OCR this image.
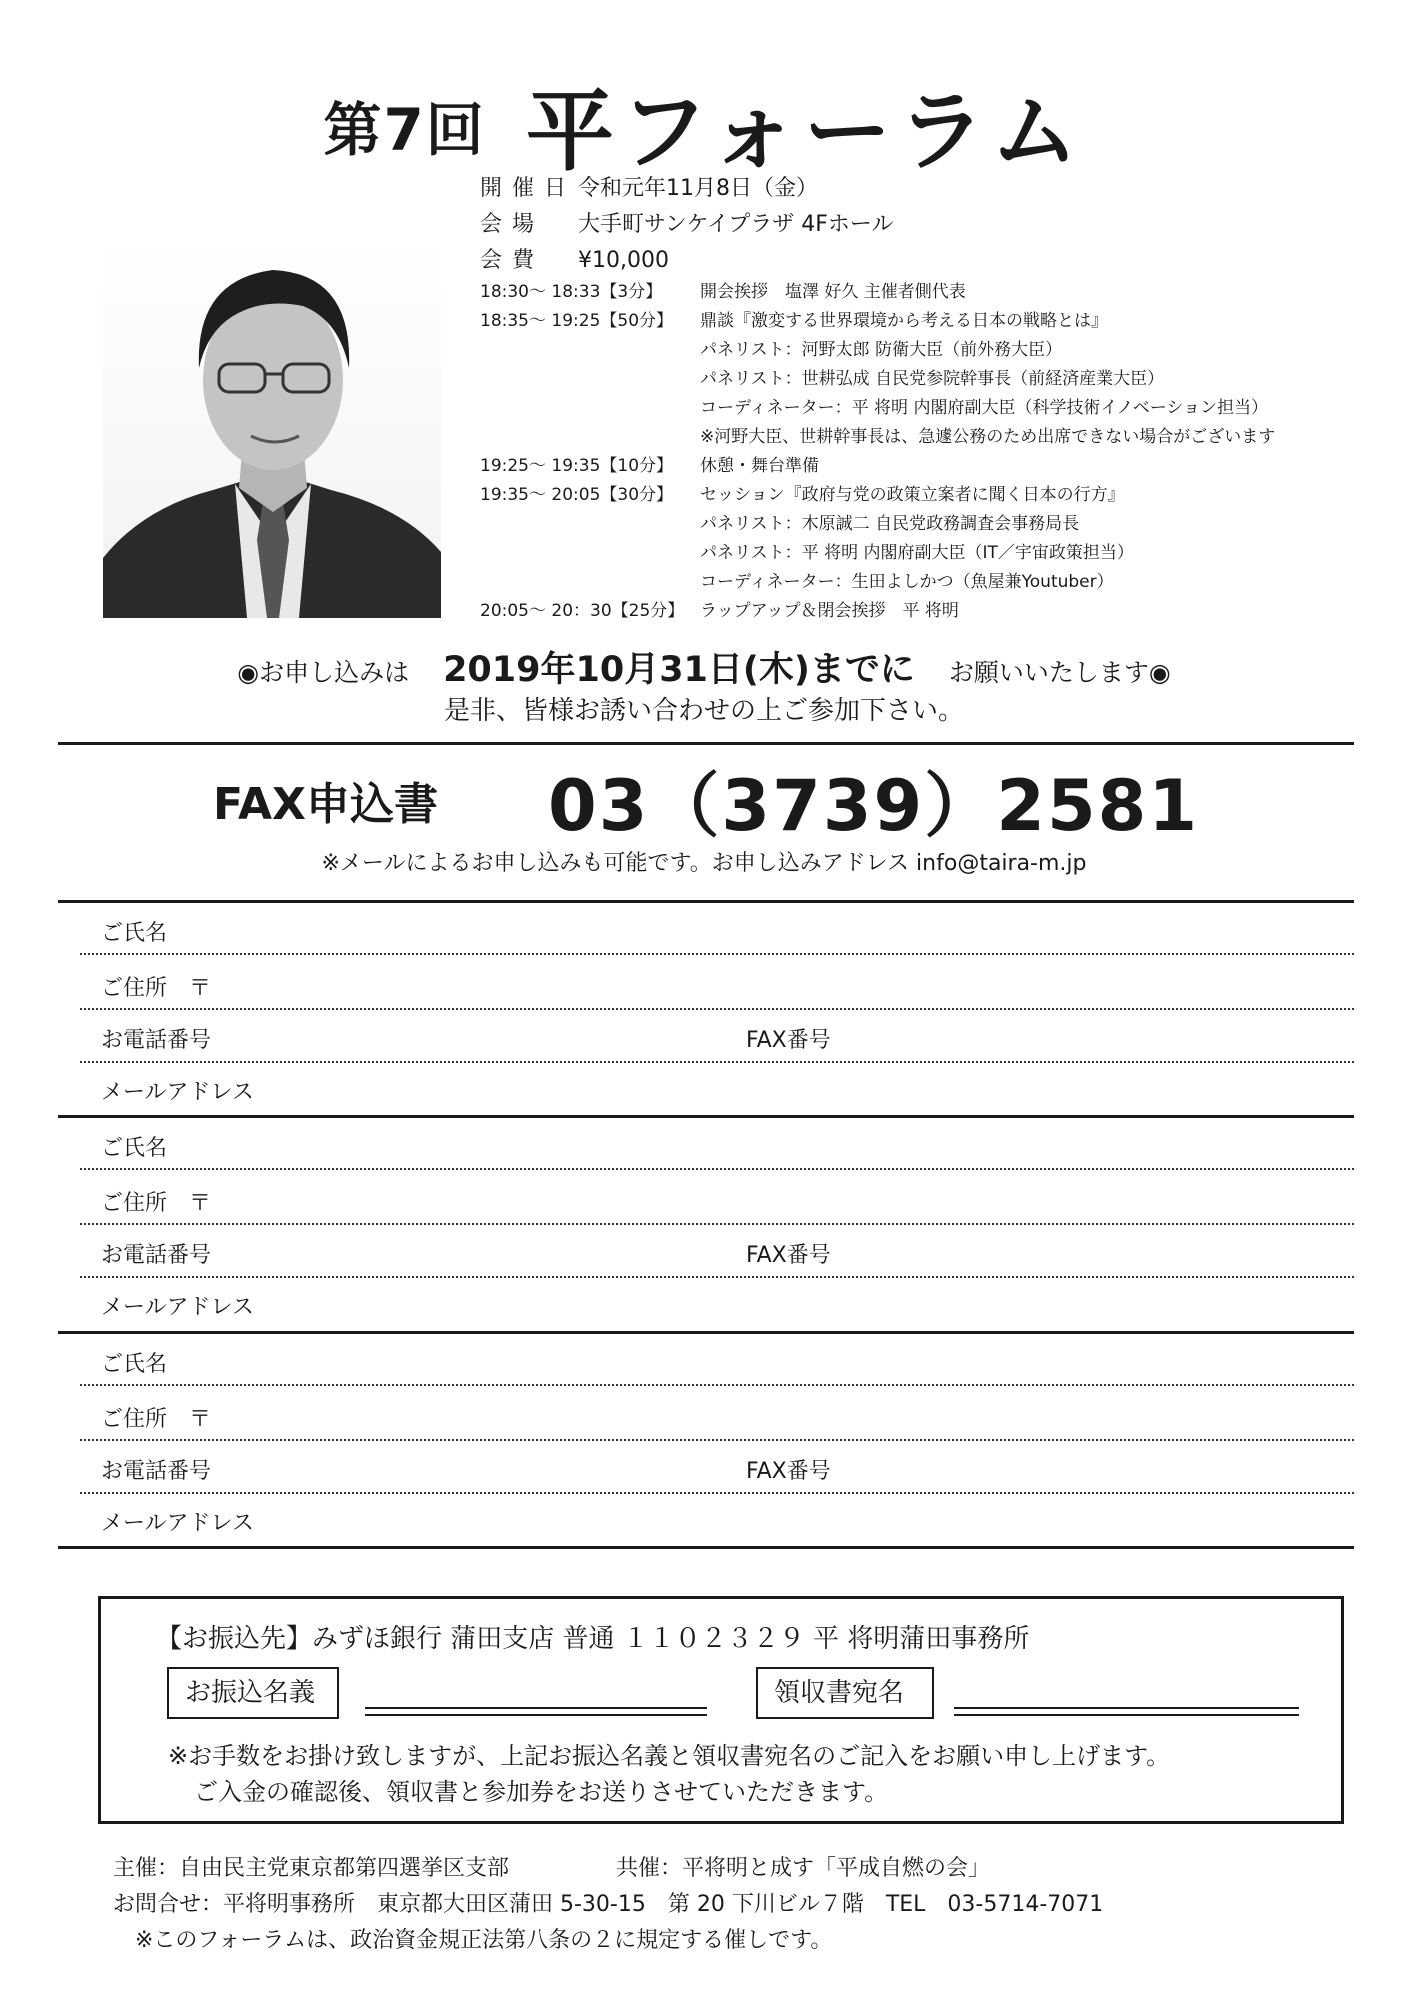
第7回 平フォーラム
開催日令和元年11月8日（金）
会場 大手町サンケイプラザ 4Fホール
会費 ¥10,000
18:30～ 18:33【3分】	開会挨拶　塩澤 好久 主催者側代表
18:35～ 19:25【50分】	鼎談『激変する世界環境から考える日本の戦略とは』
パネリスト：河野太郎 防衛大臣（前外務大臣）
パネリスト：世耕弘成 自民党参院幹事長（前経済産業大臣）
コーディネーター：平 将明 内閣府副大臣（科学技術イノベーション担当）
※河野大臣、世耕幹事長は、急遽公務のため出席できない場合がございます
19:25～ 19:35【10分】	休憩・舞台準備
19:35～ 20:05【30分】	セッション『政府与党の政策立案者に聞く日本の行方』
パネリスト：木原誠二 自民党政務調査会事務局長
パネリスト：平 将明 内閣府副大臣（IT／宇宙政策担当）
コーディネーター：生田よしかつ（魚屋兼Youtuber）
20:05～ 20：30【25分】 ラップアップ＆閉会挨拶　平 将明
◉お申し込みは 2019年10月31日(木)までに お願いいたします◉
是非、皆様お誘い合わせの上ご参加下さい。
FAX申込書 03（3739）2581
※メールによるお申し込みも可能です。お申し込みアドレス info@taira-m.jp
ご氏名
ご住所　〒
お電話番号	FAX番号
メールアドレス
ご氏名
ご住所　〒
お電話番号	FAX番号
メールアドレス
ご氏名
ご住所　〒
お電話番号	FAX番号
メールアドレス
【お振込先】みずほ銀行 蒲田支店 普通 １１０２３２９ 平 将明蒲田事務所
お振込名義	領収書宛名
※お手数をお掛け致しますが、上記お振込名義と領収書宛名のご記入をお願い申し上げます。
ご入金の確認後、領収書と参加券をお送りさせていただきます。
主催：自由民主党東京都第四選挙区支部	共催：平将明と成す「平成自燃の会」
お問合せ：平将明事務所　東京都大田区蒲田 5-30-15　第 20 下川ビル７階　TEL　03-5714-7071
※このフォーラムは、政治資金規正法第八条の２に規定する催しです。
